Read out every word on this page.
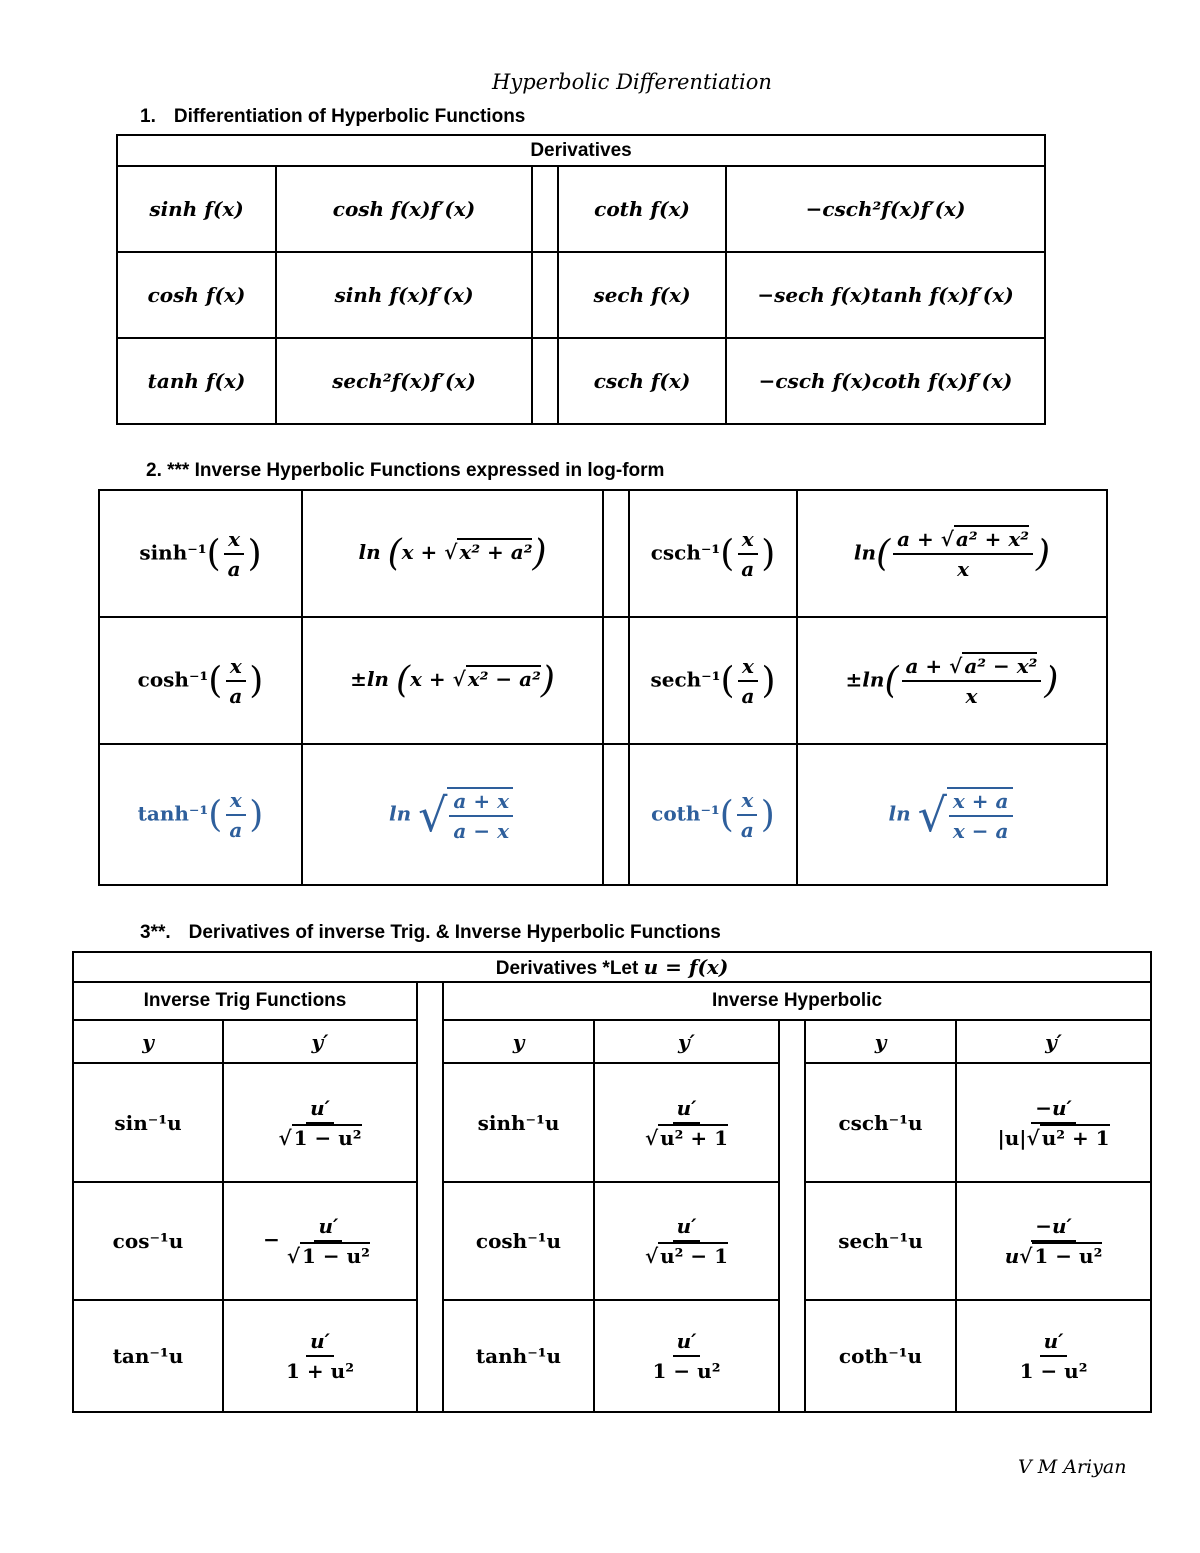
Hyperbolic Differentiation
1. Differentiation of Hyperbolic Functions
Derivatives				
sinh f(x)	cosh f(x)f′(x)		coth f(x)	−csch²f(x)f′(x)
cosh f(x)	sinh f(x)f′(x)		sech f(x)	−sech f(x)tanh f(x)f′(x)
tanh f(x)	sech²f(x)f′(x)		csch f(x)	−csch f(x)coth f(x)f′(x)
2. *** Inverse Hyperbolic Functions expressed in log-form
$\sinh^{-1}( \frac{x}{a}$ )	ln (x + √ x² + a²)		$\csc h^{-1}( \frac{x}{a}$ )	$\ln( \frac{\text{a + √ a² + x²}}{x}$ )
$\cosh^{-1}( \frac{x}{a}$ )	±ln (x + √ x² − a²)		$\sec h^{-1}( \frac{x}{a}$ )	$\pm\ln( \frac{\text{a + √ a² − x²}}{x}$ )
$\tanh^{-1}( \frac{x}{a}$ )	ln √ $\frac{a + x}{a - x}$		$\cot h^{-1}( \frac{x}{a}$ )	ln √ $\frac{x + a}{x - a}$
3**. Derivatives of inverse Trig. & Inverse Hyperbolic Functions
Derivatives *Let u = f(x)							
Inverse Trig Functions			Inverse Hyperbolic				
y	y′		y	y′		y	y′
sin⁻¹u	$\frac{u'}{\text{√ 1 − u²}}$		sinh⁻¹u	$\frac{u'}{\text{√ u² + 1}}$		csch⁻¹u	$\frac{-u'}{\text{|u|√ u² + 1}}$

cos⁻¹u	− $\frac{u'}{\text{√ 1 − u²}}$		cosh⁻¹u	$\frac{u'}{\text{√ u² − 1}}$		sech⁻¹u	$\frac{-u'}{\text{u√ 1 − u²}}$

tan⁻¹u	$\frac{u'}{\text{1 + u²}}$		tanh⁻¹u	$\frac{u'}{\text{1 − u²}}$		coth⁻¹u	$\frac{u'}{\text{1 − u²}}$
V M Ariyan
